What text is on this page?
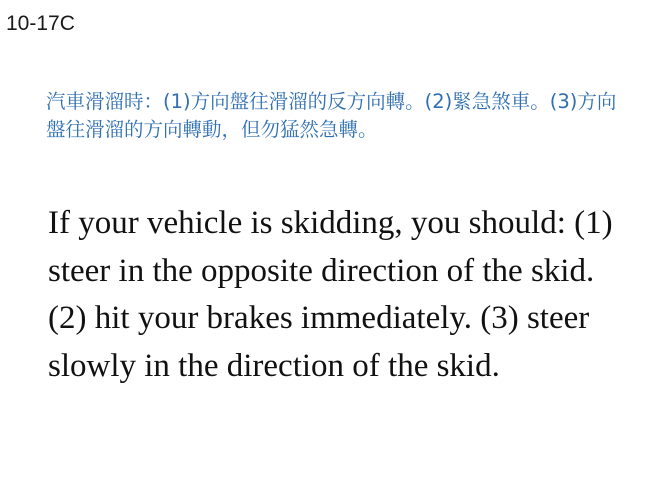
10-17C
汽車滑溜時：(1)方向盤往滑溜的反方向轉。(2)緊急煞車。(3)方向盤往滑溜的方向轉動，但勿猛然急轉。
If your vehicle is skidding, you should: (1) steer in the opposite direction of the skid. (2) hit your brakes immediately. (3) steer slowly in the direction of the skid.
